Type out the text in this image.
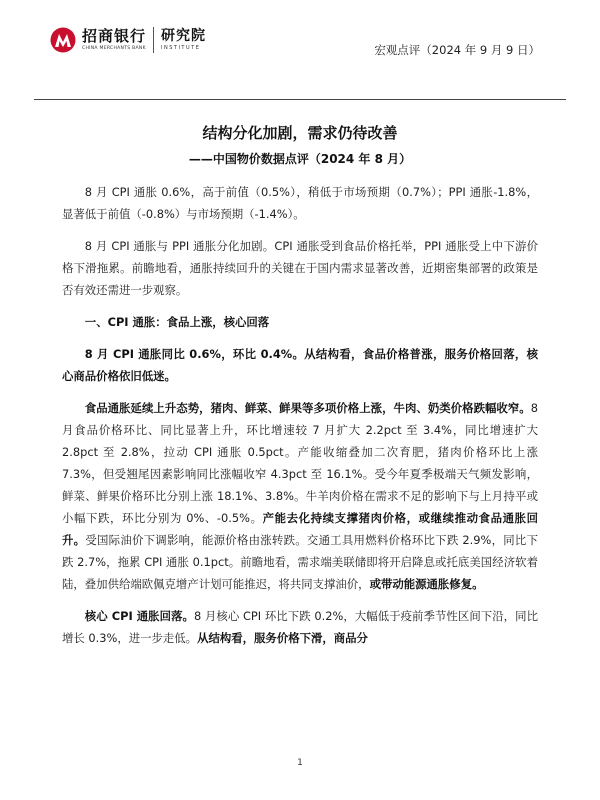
招商银行
CHINA MERCHANTS BANK
研究院
INSTITUTE	宏观点评（2024 年 9 月 9 日）
结构分化加剧，需求仍待改善
——中国物价数据点评（2024 年 8 月）

8 月 CPI 通胀 0.6%，高于前值（0.5%），稍低于市场预期（0.7%）；PPI 通胀-1.8%，显著低于前值（-0.8%）与市场预期（-1.4%）。

8 月 CPI 通胀与 PPI 通胀分化加剧。CPI 通胀受到食品价格托举，PPI 通胀受上中下游价格下滑拖累。前瞻地看，通胀持续回升的关键在于国内需求显著改善，近期密集部署的政策是否有效还需进一步观察。

一、CPI 通胀：食品上涨，核心回落

8 月 CPI 通胀同比 0.6%，环比 0.4%。从结构看，食品价格普涨，服务价格回落，核心商品价格依旧低迷。

食品通胀延续上升态势，猪肉、鲜菜、鲜果等多项价格上涨，牛肉、奶类价格跌幅收窄。8 月食品价格环比、同比显著上升，环比增速较 7 月扩大 2.2pct 至 3.4%，同比增速扩大 2.8pct 至 2.8%，拉动 CPI 通胀 0.5pct。产能收缩叠加二次育肥，猪肉价格环比上涨 7.3%，但受翘尾因素影响同比涨幅收窄 4.3pct 至 16.1%。受今年夏季极端天气频发影响，鲜菜、鲜果价格环比分别上涨 18.1%、3.8%。牛羊肉价格在需求不足的影响下与上月持平或小幅下跌，环比分别为 0%、-0.5%。产能去化持续支撑猪肉价格，或继续推动食品通胀回升。受国际油价下调影响，能源价格由涨转跌。交通工具用燃料价格环比下跌 2.9%，同比下跌 2.7%，拖累 CPI 通胀 0.1pct。前瞻地看，需求端美联储即将开启降息或托底美国经济软着陆，叠加供给端欧佩克增产计划可能推迟，将共同支撑油价，或带动能源通胀修复。

核心 CPI 通胀回落。8 月核心 CPI 环比下跌 0.2%，大幅低于疫前季节性区间下沿，同比增长 0.3%，进一步走低。从结构看，服务价格下滑，商品分

1
